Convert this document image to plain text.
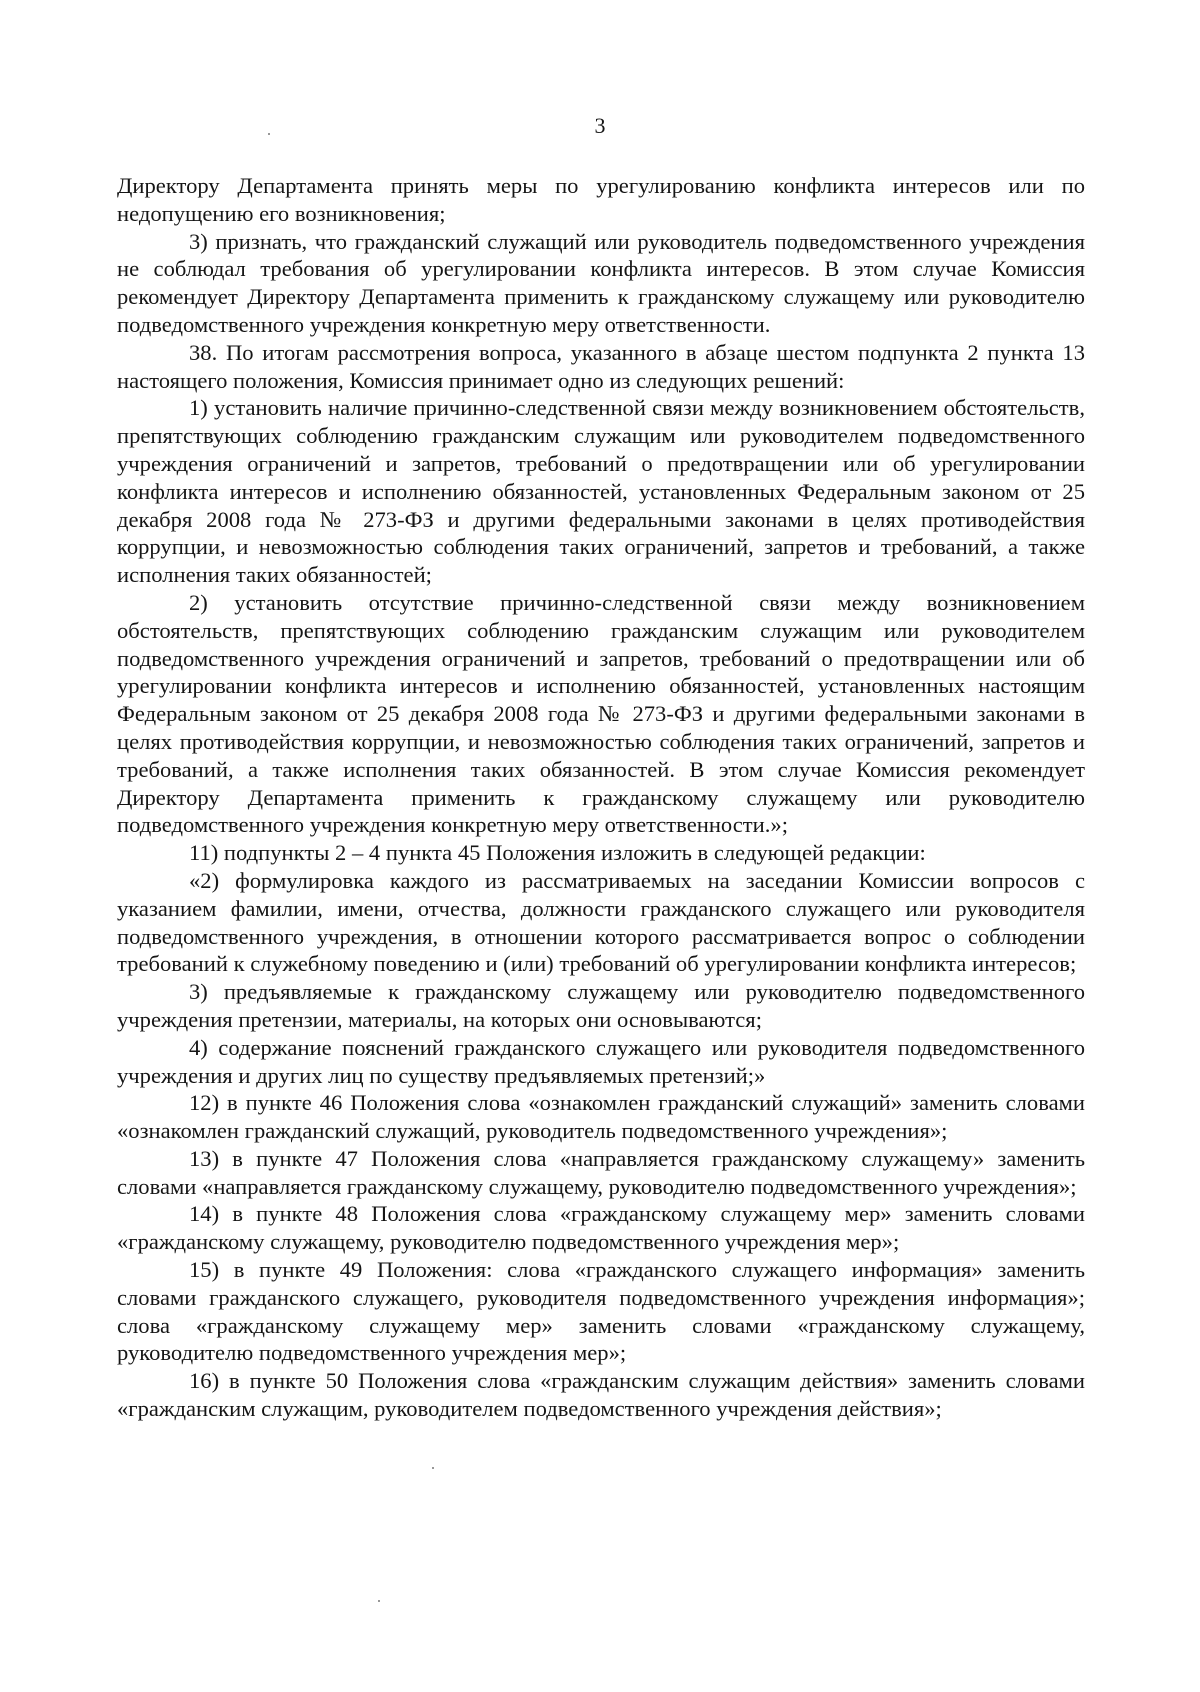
3

Директору Департамента принять меры по урегулированию конфликта интересов или по недопущению его возникновения;

3) признать, что гражданский служащий или руководитель подведомственного учреждения не соблюдал требования об урегулировании конфликта интересов. В этом случае Комиссия рекомендует Директору Департамента применить к гражданскому служащему или руководителю подведомственного учреждения конкретную меру ответственности.

38. По итогам рассмотрения вопроса, указанного в абзаце шестом подпункта 2 пункта 13 настоящего положения, Комиссия принимает одно из следующих решений:

1) установить наличие причинно-следственной связи между возникновением обстоятельств, препятствующих соблюдению гражданским служащим или руководителем подведомственного учреждения ограничений и запретов, требований о предотвращении или об урегулировании конфликта интересов и исполнению обязанностей, установленных Федеральным законом от 25 декабря 2008 года № 273-ФЗ и другими федеральными законами в целях противодействия коррупции, и невозможностью соблюдения таких ограничений, запретов и требований, а также исполнения таких обязанностей;

2) установить отсутствие причинно-следственной связи между возникновением обстоятельств, препятствующих соблюдению гражданским служащим или руководителем подведомственного учреждения ограничений и запретов, требований о предотвращении или об урегулировании конфликта интересов и исполнению обязанностей, установленных настоящим Федеральным законом от 25 декабря 2008 года № 273-ФЗ и другими федеральными законами в целях противодействия коррупции, и невозможностью соблюдения таких ограничений, запретов и требований, а также исполнения таких обязанностей. В этом случае Комиссия рекомендует Директору Департамента применить к гражданскому служащему или руководителю подведомственного учреждения конкретную меру ответственности.»;

11) подпункты 2 – 4 пункта 45 Положения изложить в следующей редакции:

«2) формулировка каждого из рассматриваемых на заседании Комиссии вопросов с указанием фамилии, имени, отчества, должности гражданского служащего или руководителя подведомственного учреждения, в отношении которого рассматривается вопрос о соблюдении требований к служебному поведению и (или) требований об урегулировании конфликта интересов;

3) предъявляемые к гражданскому служащему или руководителю подведомственного учреждения претензии, материалы, на которых они основываются;

4) содержание пояснений гражданского служащего или руководителя подведомственного учреждения и других лиц по существу предъявляемых претензий;»

12) в пункте 46 Положения слова «ознакомлен гражданский служащий» заменить словами «ознакомлен гражданский служащий, руководитель подведомственного учреждения»;

13) в пункте 47 Положения слова «направляется гражданскому служащему» заменить словами «направляется гражданскому служащему, руководителю подведомственного учреждения»;

14) в пункте 48 Положения слова «гражданскому служащему мер» заменить словами «гражданскому служащему, руководителю подведомственного учреждения мер»;

15) в пункте 49 Положения: слова «гражданского служащего информация» заменить словами гражданского служащего, руководителя подведомственного учреждения информация»; слова «гражданскому служащему мер» заменить словами «гражданскому служащему, руководителю подведомственного учреждения мер»;

16) в пункте 50 Положения слова «гражданским служащим действия» заменить словами «гражданским служащим, руководителем подведомственного учреждения действия»;
